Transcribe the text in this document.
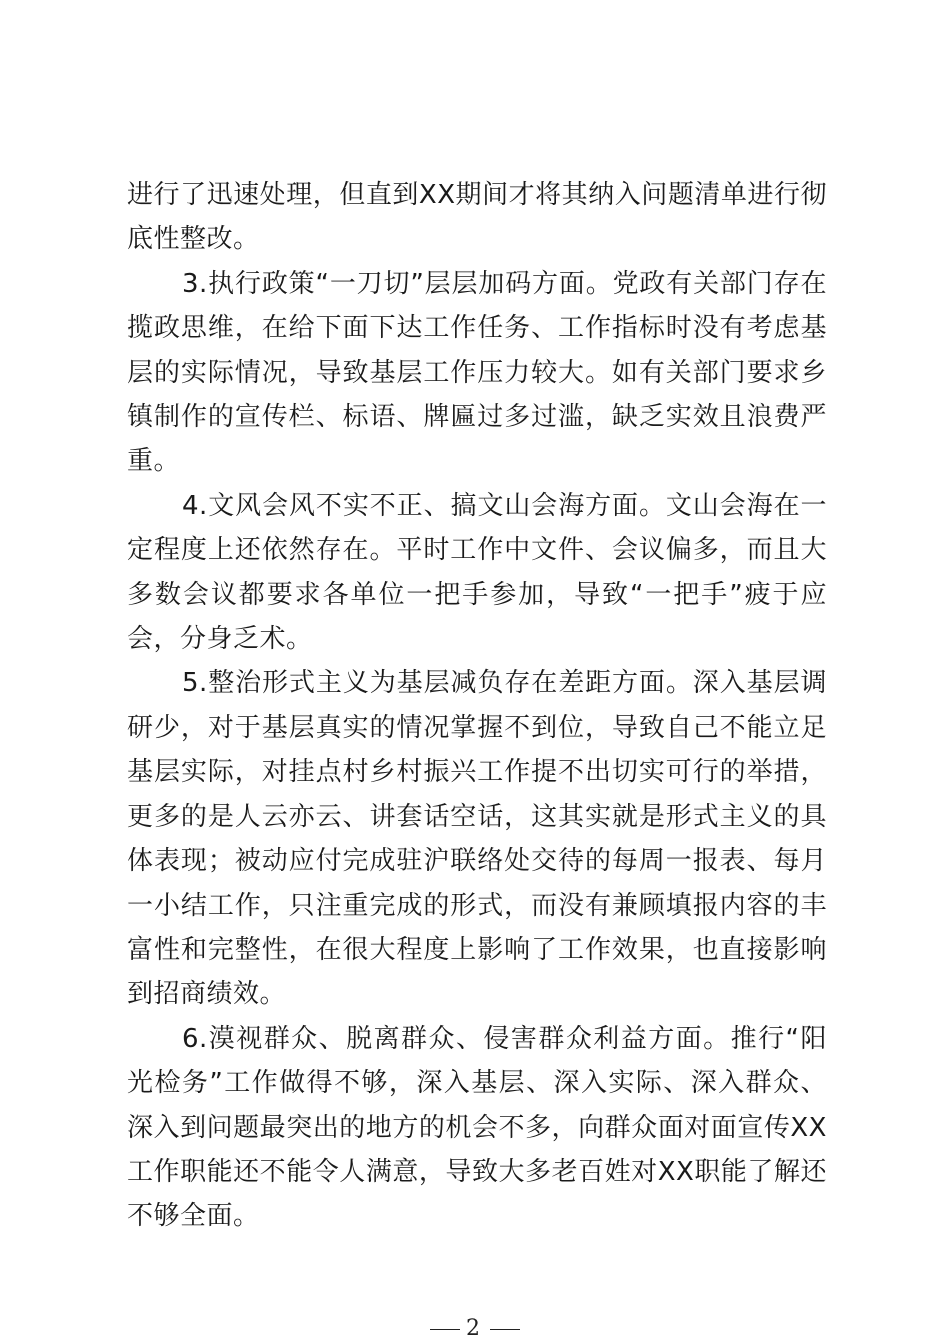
进行了迅速处理，但直到XX期间才将其纳入问题清单进行彻底性整改。

3.执行政策“一刀切”层层加码方面。党政有关部门存在揽政思维，在给下面下达工作任务、工作指标时没有考虑基层的实际情况，导致基层工作压力较大。如有关部门要求乡镇制作的宣传栏、标语、牌匾过多过滥，缺乏实效且浪费严重。

4.文风会风不实不正、搞文山会海方面。文山会海在一定程度上还依然存在。平时工作中文件、会议偏多，而且大多数会议都要求各单位一把手参加，导致“一把手”疲于应会，分身乏术。

5.整治形式主义为基层减负存在差距方面。深入基层调研少，对于基层真实的情况掌握不到位，导致自己不能立足基层实际，对挂点村乡村振兴工作提不出切实可行的举措，更多的是人云亦云、讲套话空话，这其实就是形式主义的具体表现；被动应付完成驻沪联络处交待的每周一报表、每月一小结工作，只注重完成的形式，而没有兼顾填报内容的丰富性和完整性，在很大程度上影响了工作效果，也直接影响到招商绩效。

6.漠视群众、脱离群众、侵害群众利益方面。推行“阳光检务”工作做得不够，深入基层、深入实际、深入群众、深入到问题最突出的地方的机会不多，向群众面对面宣传XX工作职能还不能令人满意，导致大多老百姓对XX职能了解还不够全面。

2
